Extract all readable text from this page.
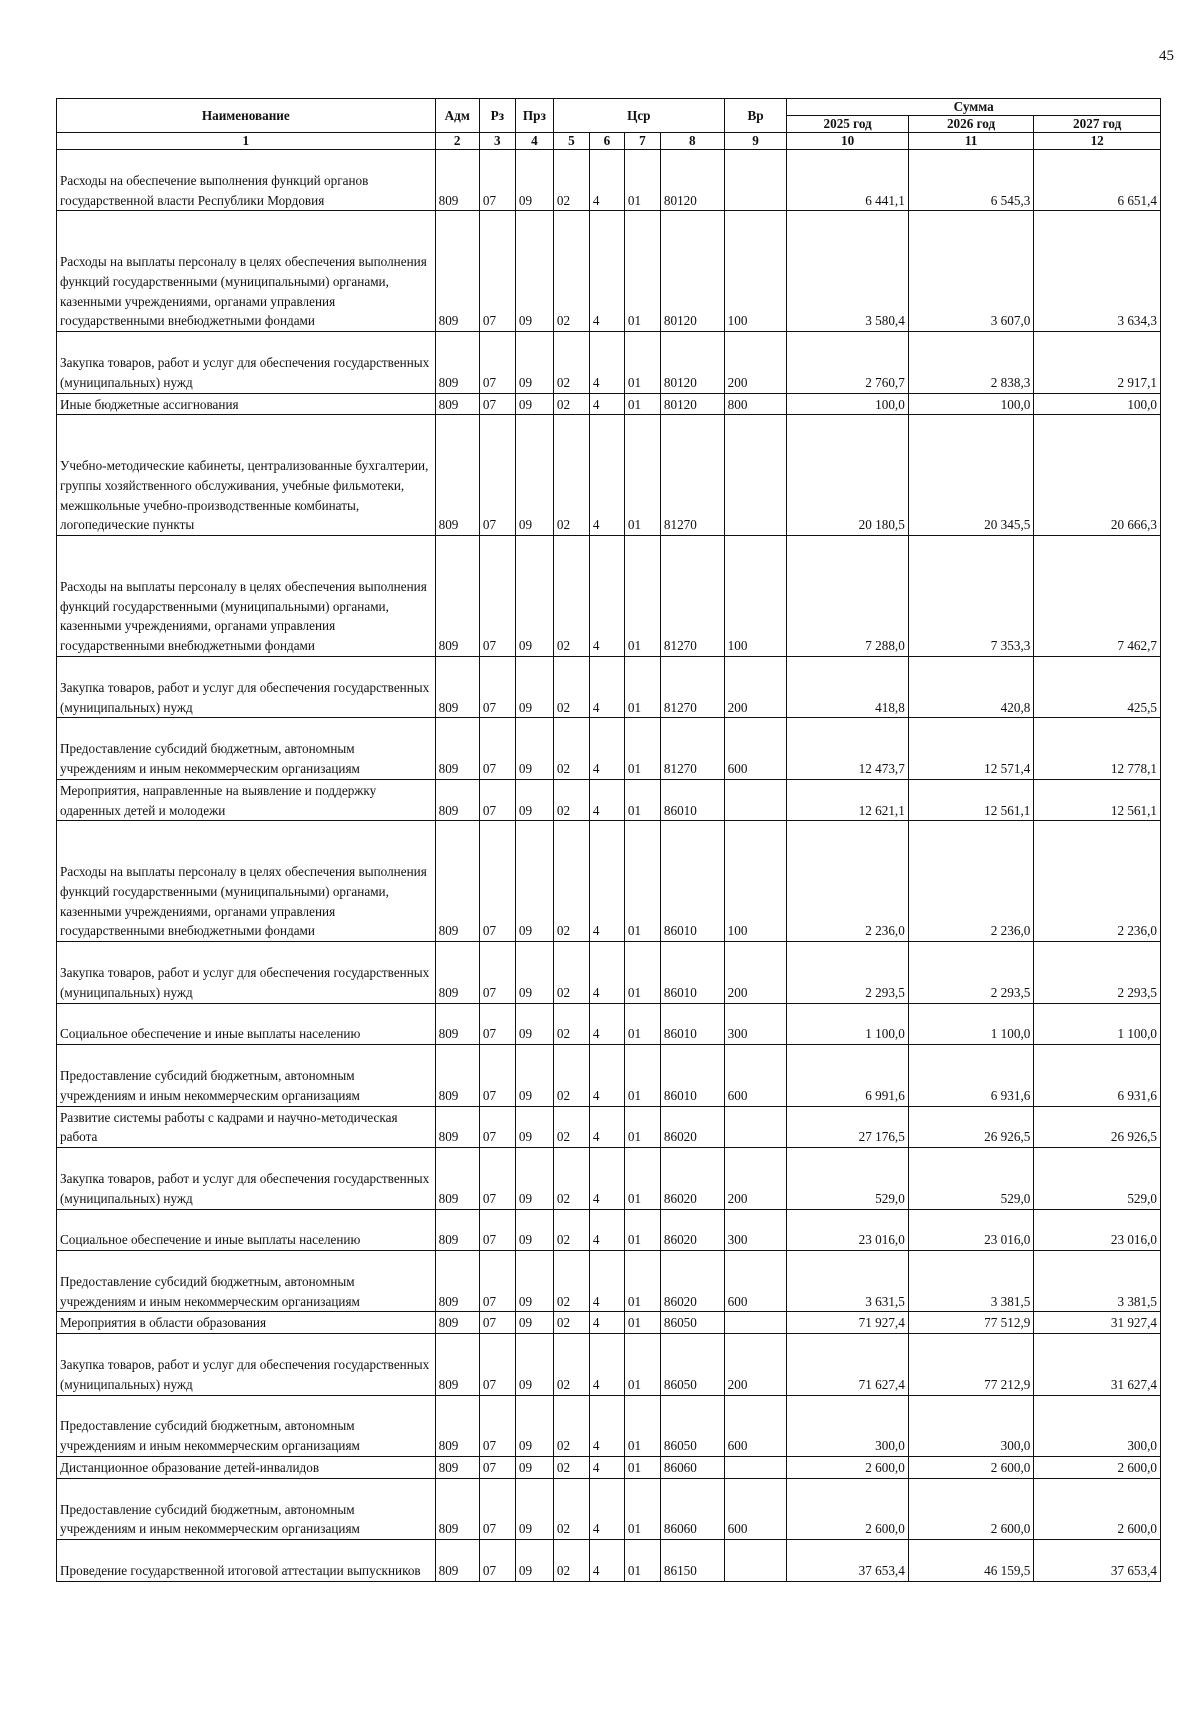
45
Наименование	Адм	Рз	Прз	Цср				Вр	Сумма		
									2025 год	2026 год	2027 год
1	2	3	4	5	6	7	8	9	10	11	12
Расходы на обеспечение выполнения функций органов государственной власти Республики Мордовия	809	07	09	02	4	01	80120		6 441,1	6 545,3	6 651,4
Расходы на выплаты персоналу в целях обеспечения выполнения функций государственными (муниципальными) органами, казенными учреждениями, органами управления государственными внебюджетными фондами	809	07	09	02	4	01	80120	100	3 580,4	3 607,0	3 634,3
Закупка товаров, работ и услуг для обеспечения государственных (муниципальных) нужд	809	07	09	02	4	01	80120	200	2 760,7	2 838,3	2 917,1
Иные бюджетные ассигнования	809	07	09	02	4	01	80120	800	100,0	100,0	100,0
Учебно-методические кабинеты, централизованные бухгалтерии, группы хозяйственного обслуживания, учебные фильмотеки, межшкольные учебно-производственные комбинаты, логопедические пункты	809	07	09	02	4	01	81270		20 180,5	20 345,5	20 666,3
Расходы на выплаты персоналу в целях обеспечения выполнения функций государственными (муниципальными) органами, казенными учреждениями, органами управления государственными внебюджетными фондами	809	07	09	02	4	01	81270	100	7 288,0	7 353,3	7 462,7
Закупка товаров, работ и услуг для обеспечения государственных (муниципальных) нужд	809	07	09	02	4	01	81270	200	418,8	420,8	425,5
Предоставление субсидий бюджетным, автономным учреждениям и иным некоммерческим организациям	809	07	09	02	4	01	81270	600	12 473,7	12 571,4	12 778,1
Мероприятия, направленные на выявление и поддержку одаренных детей и молодежи	809	07	09	02	4	01	86010		12 621,1	12 561,1	12 561,1
Расходы на выплаты персоналу в целях обеспечения выполнения функций государственными (муниципальными) органами, казенными учреждениями, органами управления государственными внебюджетными фондами	809	07	09	02	4	01	86010	100	2 236,0	2 236,0	2 236,0
Закупка товаров, работ и услуг для обеспечения государственных (муниципальных) нужд	809	07	09	02	4	01	86010	200	2 293,5	2 293,5	2 293,5
Социальное обеспечение и иные выплаты населению	809	07	09	02	4	01	86010	300	1 100,0	1 100,0	1 100,0
Предоставление субсидий бюджетным, автономным учреждениям и иным некоммерческим организациям	809	07	09	02	4	01	86010	600	6 991,6	6 931,6	6 931,6
Развитие системы работы с кадрами и научно-методическая работа	809	07	09	02	4	01	86020		27 176,5	26 926,5	26 926,5
Закупка товаров, работ и услуг для обеспечения государственных (муниципальных) нужд	809	07	09	02	4	01	86020	200	529,0	529,0	529,0
Социальное обеспечение и иные выплаты населению	809	07	09	02	4	01	86020	300	23 016,0	23 016,0	23 016,0
Предоставление субсидий бюджетным, автономным учреждениям и иным некоммерческим организациям	809	07	09	02	4	01	86020	600	3 631,5	3 381,5	3 381,5
Мероприятия в области образования	809	07	09	02	4	01	86050		71 927,4	77 512,9	31 927,4
Закупка товаров, работ и услуг для обеспечения государственных (муниципальных) нужд	809	07	09	02	4	01	86050	200	71 627,4	77 212,9	31 627,4
Предоставление субсидий бюджетным, автономным учреждениям и иным некоммерческим организациям	809	07	09	02	4	01	86050	600	300,0	300,0	300,0
Дистанционное образование детей-инвалидов	809	07	09	02	4	01	86060		2 600,0	2 600,0	2 600,0
Предоставление субсидий бюджетным, автономным учреждениям и иным некоммерческим организациям	809	07	09	02	4	01	86060	600	2 600,0	2 600,0	2 600,0
Проведение государственной итоговой аттестации выпускников	809	07	09	02	4	01	86150		37 653,4	46 159,5	37 653,4
